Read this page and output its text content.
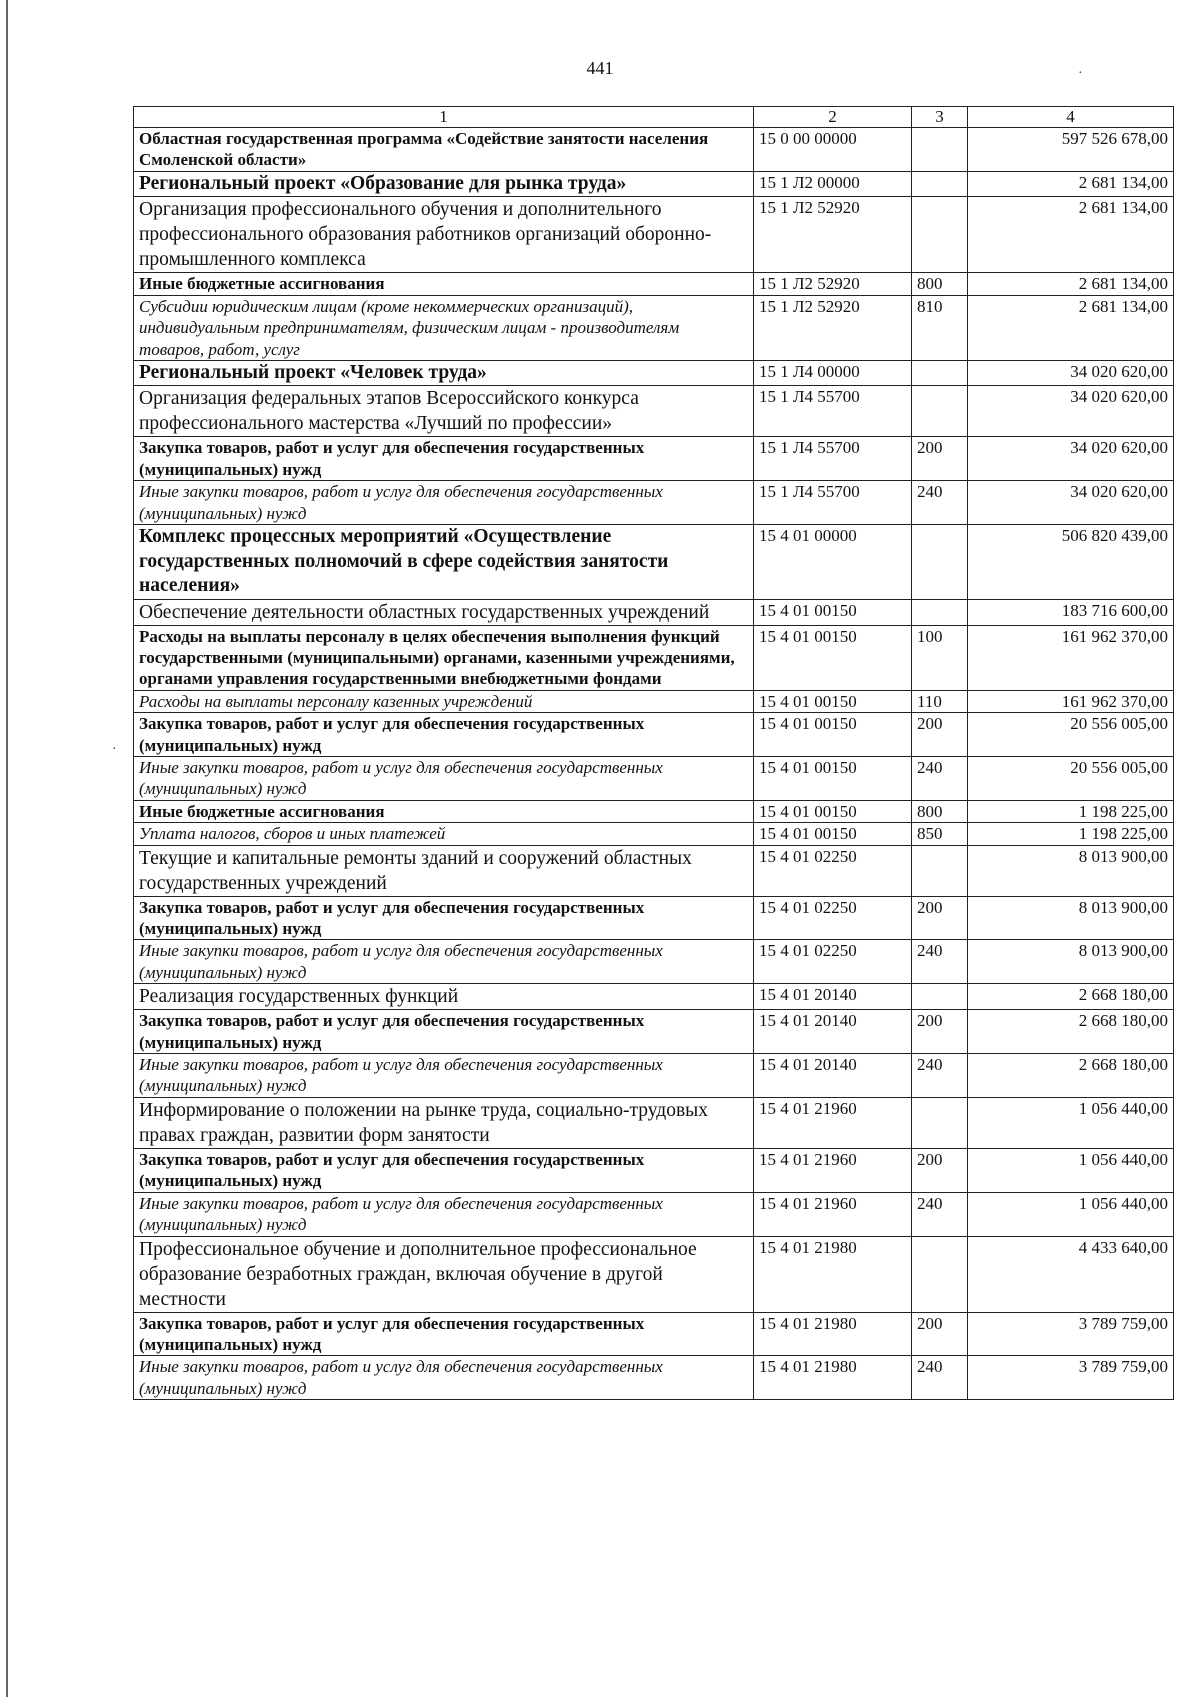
·
·
441
1	2	3	4
Областная государственная программа «Содействие занятости населения Смоленской области»	15 0 00 00000		597 526 678,00
Региональный проект «Образование для рынка труда»	15 1 Л2 00000		2 681 134,00
Организация профессионального обучения и дополнительного профессионального образования работников организаций оборонно-промышленного комплекса	15 1 Л2 52920		2 681 134,00
Иные бюджетные ассигнования	15 1 Л2 52920	800	2 681 134,00
Субсидии юридическим лицам (кроме некоммерческих организаций), индивидуальным предпринимателям, физическим лицам - производителям товаров, работ, услуг	15 1 Л2 52920	810	2 681 134,00
Региональный проект «Человек труда»	15 1 Л4 00000		34 020 620,00
Организация федеральных этапов Всероссийского конкурса профессионального мастерства «Лучший по профессии»	15 1 Л4 55700		34 020 620,00
Закупка товаров, работ и услуг для обеспечения государственных (муниципальных) нужд	15 1 Л4 55700	200	34 020 620,00
Иные закупки товаров, работ и услуг для обеспечения государственных (муниципальных) нужд	15 1 Л4 55700	240	34 020 620,00
Комплекс процессных мероприятий «Осуществление государственных полномочий в сфере содействия занятости населения»	15 4 01 00000		506 820 439,00
Обеспечение деятельности областных государственных учреждений	15 4 01 00150		183 716 600,00
Расходы на выплаты персоналу в целях обеспечения выполнения функций государственными (муниципальными) органами, казенными учреждениями, органами управления государственными внебюджетными фондами	15 4 01 00150	100	161 962 370,00
Расходы на выплаты персоналу казенных учреждений	15 4 01 00150	110	161 962 370,00
Закупка товаров, работ и услуг для обеспечения государственных (муниципальных) нужд	15 4 01 00150	200	20 556 005,00
Иные закупки товаров, работ и услуг для обеспечения государственных (муниципальных) нужд	15 4 01 00150	240	20 556 005,00
Иные бюджетные ассигнования	15 4 01 00150	800	1 198 225,00
Уплата налогов, сборов и иных платежей	15 4 01 00150	850	1 198 225,00
Текущие и капитальные ремонты зданий и сооружений областных государственных учреждений	15 4 01 02250		8 013 900,00
Закупка товаров, работ и услуг для обеспечения государственных (муниципальных) нужд	15 4 01 02250	200	8 013 900,00
Иные закупки товаров, работ и услуг для обеспечения государственных (муниципальных) нужд	15 4 01 02250	240	8 013 900,00
Реализация государственных функций	15 4 01 20140		2 668 180,00
Закупка товаров, работ и услуг для обеспечения государственных (муниципальных) нужд	15 4 01 20140	200	2 668 180,00
Иные закупки товаров, работ и услуг для обеспечения государственных (муниципальных) нужд	15 4 01 20140	240	2 668 180,00
Информирование о положении на рынке труда, социально-трудовых правах граждан, развитии форм занятости	15 4 01 21960		1 056 440,00
Закупка товаров, работ и услуг для обеспечения государственных (муниципальных) нужд	15 4 01 21960	200	1 056 440,00
Иные закупки товаров, работ и услуг для обеспечения государственных (муниципальных) нужд	15 4 01 21960	240	1 056 440,00
Профессиональное обучение и дополнительное профессиональное образование безработных граждан, включая обучение в другой местности	15 4 01 21980		4 433 640,00
Закупка товаров, работ и услуг для обеспечения государственных (муниципальных) нужд	15 4 01 21980	200	3 789 759,00
Иные закупки товаров, работ и услуг для обеспечения государственных (муниципальных) нужд	15 4 01 21980	240	3 789 759,00
